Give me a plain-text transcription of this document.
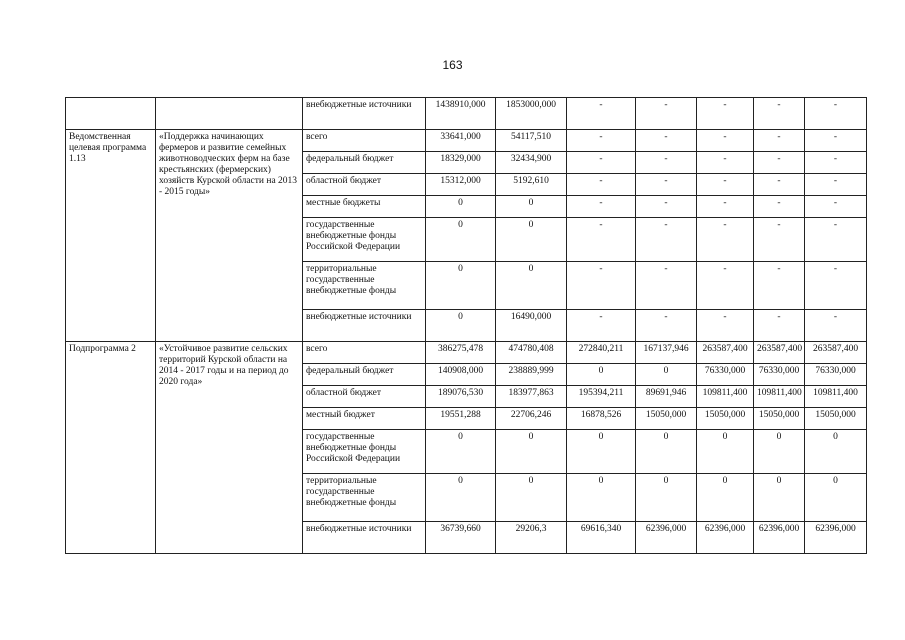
163
		внебюджетные источники	1438910,000	1853000,000	-	-	-	-	-
Ведомственная целевая программа 1.13	«Поддержка начинающих фермеров и развитие семейных животноводческих ферм на базе крестьянских (фермерских) хозяйств Курской области на 2013 - 2015 годы»	всего	33641,000	54117,510	-	-	-	-	-
		федеральный бюджет	18329,000	32434,900	-	-	-	-	-
		областной бюджет	15312,000	5192,610	-	-	-	-	-
		местные бюджеты	0	0	-	-	-	-	-
		государственные внебюджетные фонды Российской Федерации	0	0	-	-	-	-	-
		территориальные государственные внебюджетные фонды	0	0	-	-	-	-	-
		внебюджетные источники	0	16490,000	-	-	-	-	-
Подпрограмма 2	«Устойчивое развитие сельских территорий Курской области на 2014 - 2017 годы и на период до 2020 года»	всего	386275,478	474780,408	272840,211	167137,946	263587,400	263587,400	263587,400
		федеральный бюджет	140908,000	238889,999	0	0	76330,000	76330,000	76330,000
		областной бюджет	189076,530	183977,863	195394,211	89691,946	109811,400	109811,400	109811,400
		местный бюджет	19551,288	22706,246	16878,526	15050,000	15050,000	15050,000	15050,000
		государственные внебюджетные фонды Российской Федерации	0	0	0	0	0	0	0
		территориальные государственные внебюджетные фонды	0	0	0	0	0	0	0
		внебюджетные источники	36739,660	29206,3	69616,340	62396,000	62396,000	62396,000	62396,000
